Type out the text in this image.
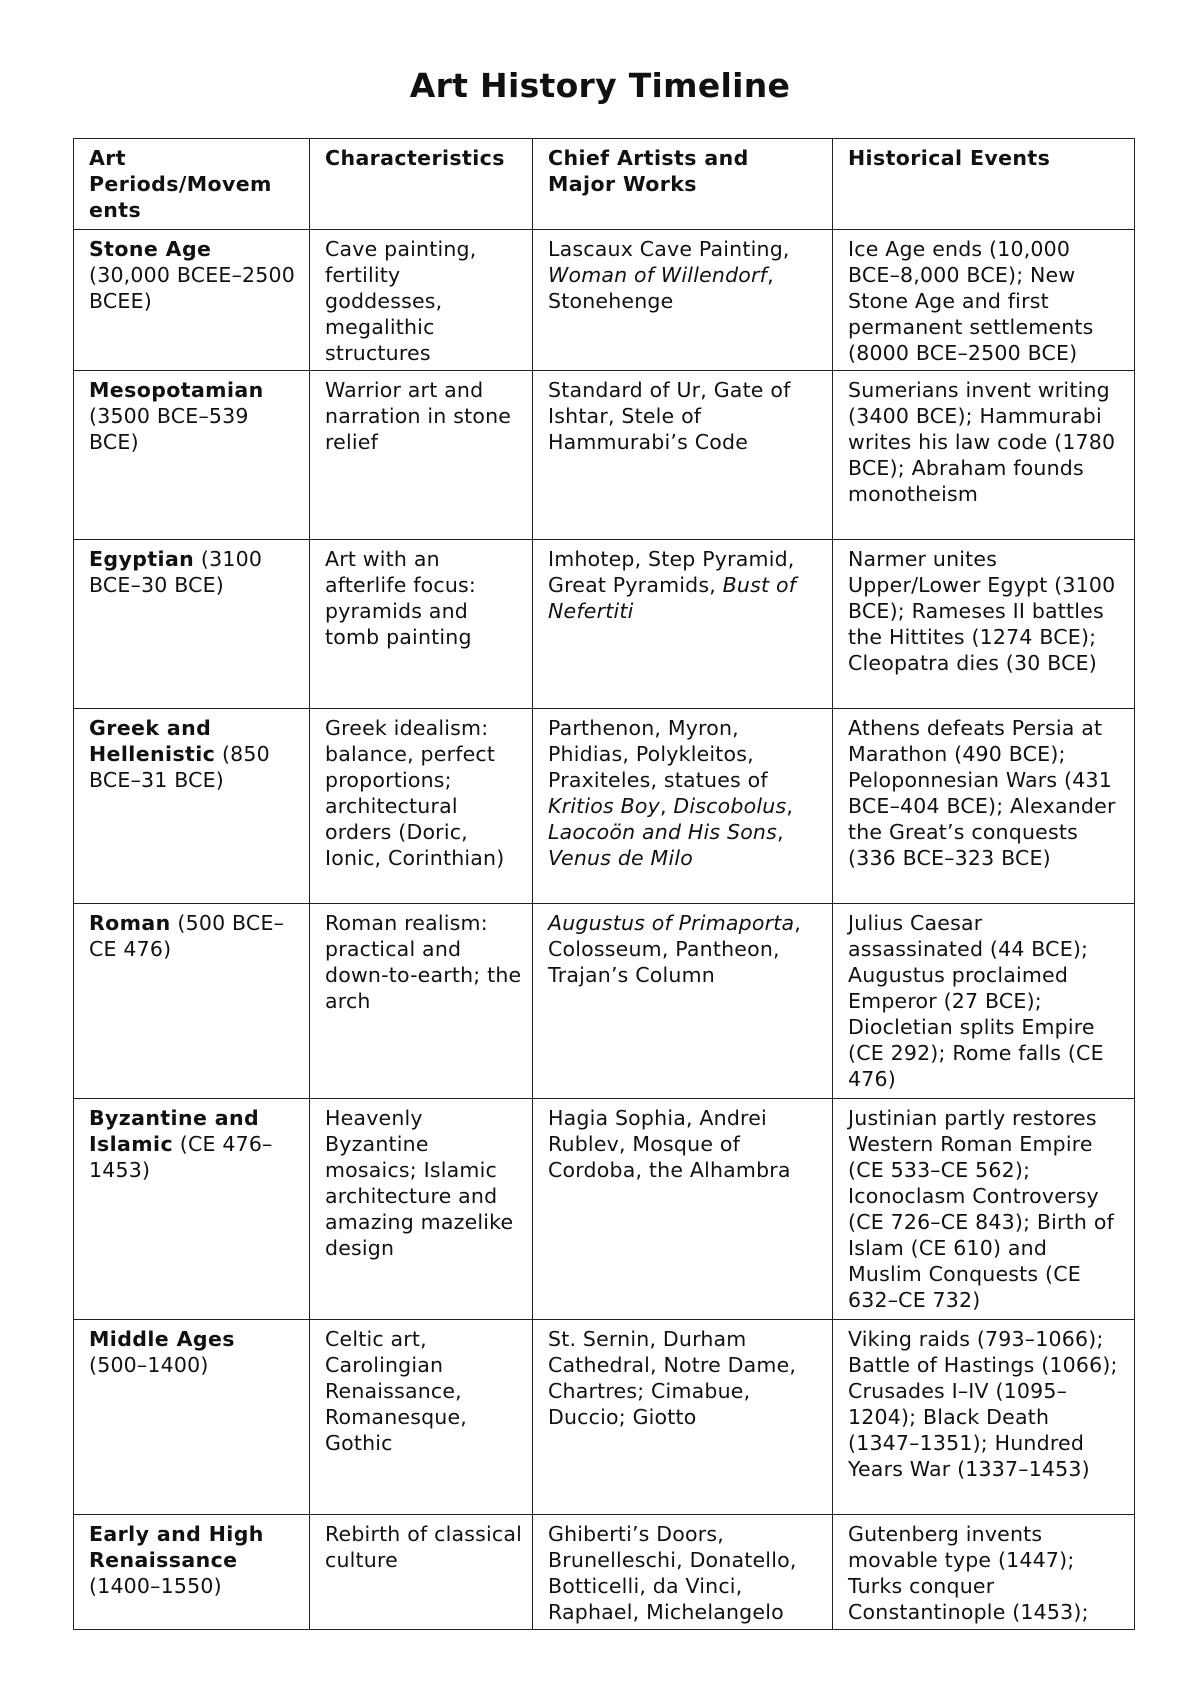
Art History Timeline
Art Periods/Movem ents	Characteristics	Chief Artists and Major Works	Historical Events
Stone Age (30,000 BCEE–2500 BCEE)	Cave painting, fertility goddesses, megalithic structures	Lascaux Cave Painting, Woman of Willendorf, Stonehenge	Ice Age ends (10,000 BCE–8,000 BCE); New Stone Age and first permanent settlements (8000 BCE–2500 BCE)
Mesopotamian (3500 BCE–539 BCE)	Warrior art and narration in stone relief	Standard of Ur, Gate of Ishtar, Stele of Hammurabi’s Code	Sumerians invent writing (3400 BCE); Hammurabi writes his law code (1780 BCE); Abraham founds monotheism
Egyptian (3100 BCE–30 BCE)	Art with an afterlife focus: pyramids and tomb painting	Imhotep, Step Pyramid, Great Pyramids, Bust of Nefertiti	Narmer unites Upper/Lower Egypt (3100 BCE); Rameses II battles the Hittites (1274 BCE); Cleopatra dies (30 BCE)
Greek and Hellenistic (850 BCE–31 BCE)	Greek idealism: balance, perfect proportions; architectural orders (Doric, Ionic, Corinthian)	Parthenon, Myron, Phidias, Polykleitos, Praxiteles, statues of Kritios Boy, Discobolus, Laocoön and His Sons, Venus de Milo	Athens defeats Persia at Marathon (490 BCE); Peloponnesian Wars (431 BCE–404 BCE); Alexander the Great’s conquests (336 BCE–323 BCE)
Roman (500 BCE–CE 476)	Roman realism: practical and down-to-earth; the arch	Augustus of Primaporta, Colosseum, Pantheon, Trajan’s Column	Julius Caesar assassinated (44 BCE); Augustus proclaimed Emperor (27 BCE); Diocletian splits Empire (CE 292); Rome falls (CE 476)
Byzantine and Islamic (CE 476–1453)	Heavenly Byzantine mosaics; Islamic architecture and amazing mazelike design	Hagia Sophia, Andrei Rublev, Mosque of Cordoba, the Alhambra	Justinian partly restores Western Roman Empire (CE 533–CE 562); Iconoclasm Controversy (CE 726–CE 843); Birth of Islam (CE 610) and Muslim Conquests (CE 632–CE 732)
Middle Ages (500–1400)	Celtic art, Carolingian Renaissance, Romanesque, Gothic	St. Sernin, Durham Cathedral, Notre Dame, Chartres; Cimabue, Duccio; Giotto	Viking raids (793–1066); Battle of Hastings (1066); Crusades I–IV (1095–1204); Black Death (1347–1351); Hundred Years War (1337–1453)
Early and High Renaissance (1400–1550)	Rebirth of classical culture	Ghiberti’s Doors, Brunelleschi, Donatello, Botticelli, da Vinci, Raphael, Michelangelo	Gutenberg invents movable type (1447); Turks conquer Constantinople (1453);
